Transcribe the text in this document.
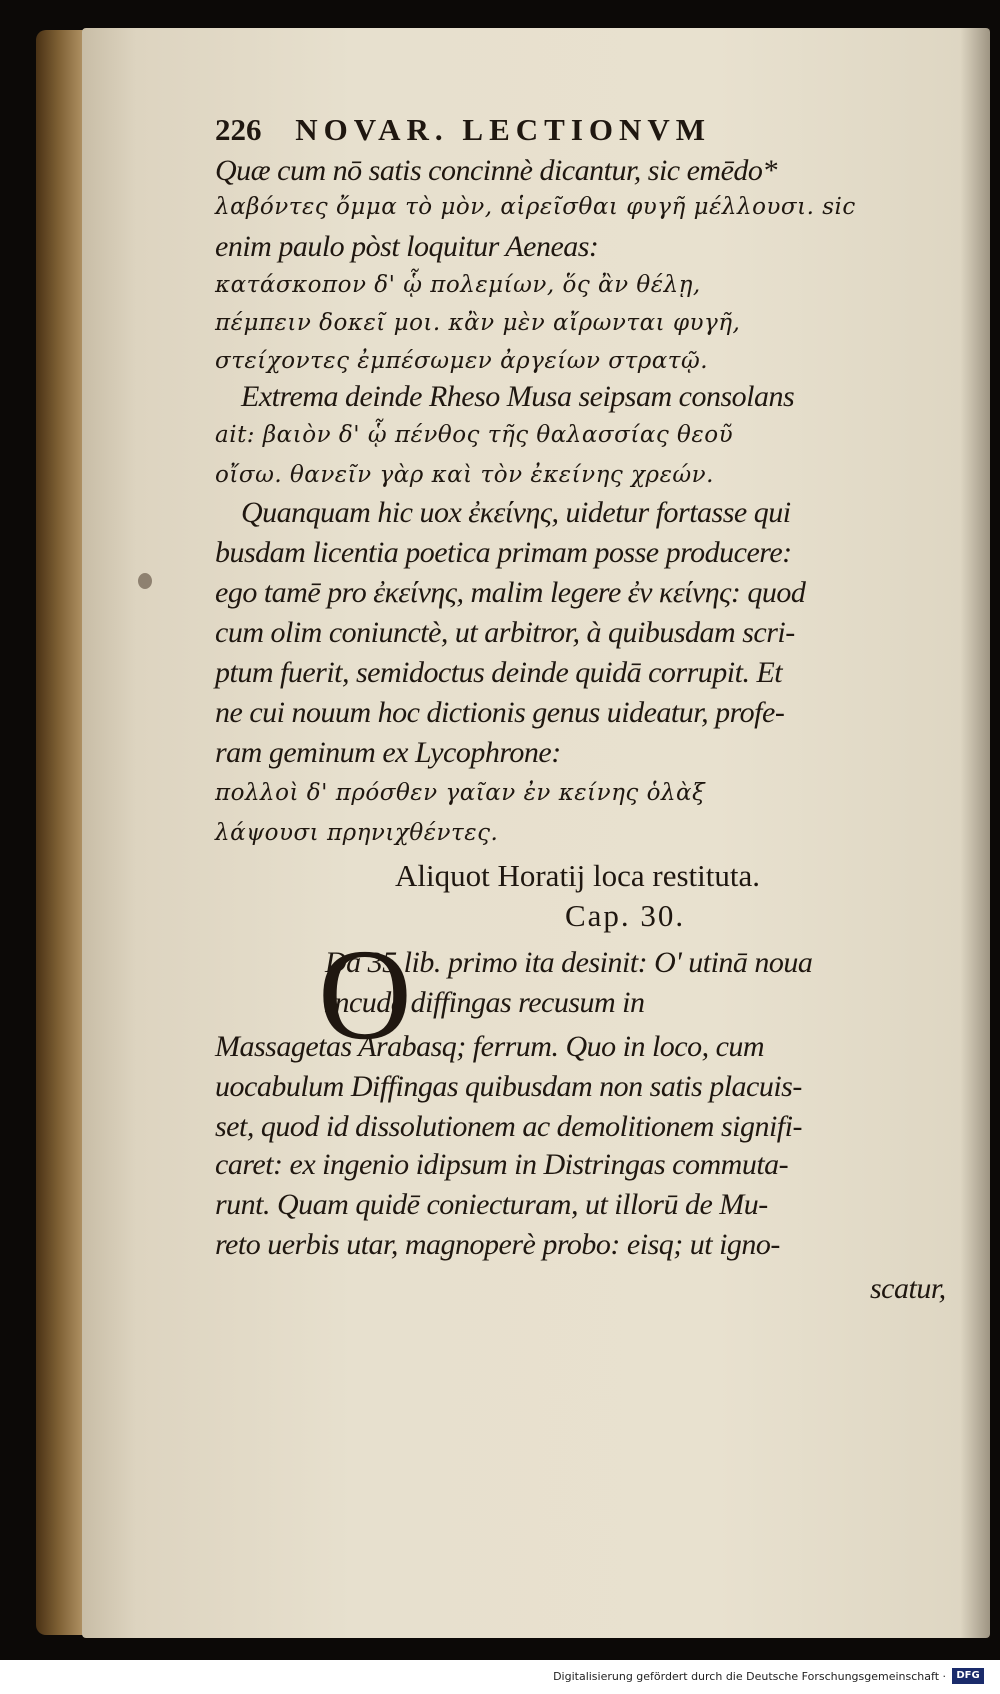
226 NOVAR. LECTIONVM
Quæ cum nō satis concinnè dicantur, sic emēdo*
λαβόντες ὄμμα τὸ μὸν, αἱρεῖσθαι φυγῆ μέλλουσι. sic
enim paulo pòst loquitur Aeneas:
κατάσκοπον δ' ᾧ πολεμίων, ὅς ἂν θέλῃ,
πέμπειν δοκεῖ μοι. κἂν μὲν αἴρωνται φυγῆ,
στείχοντες ἐμπέσωμεν ἀργείων στρατῷ.
Extrema deinde Rheso Musa seipsam consolans
ait: βαιὸν δ' ᾧ πένθος τῆς θαλασσίας θεοῦ
οἴσω. θανεῖν γὰρ καὶ τὸν ἐκείνης χρεών.
Quanquam hic uox ἐκείνης, uidetur fortasse qui
busdam licentia poetica primam posse producere:
ego tamē pro ἐκείνης, malim legere ἐν κείνης: quod
cum olim coniunctè, ut arbitror, à quibusdam scri-
ptum fuerit, semidoctus deinde quidā corrupit. Et
ne cui nouum hoc dictionis genus uideatur, profe-
ram geminum ex Lycophrone:
πολλοὶ δ' πρόσθεν γαῖαν ἐν κείνης ὁλὰξ
λάψουσι πρηνιχθέντες.
Aliquot Horatij loca restituta.
Cap. 30.
Da 35 lib. primo ita desinit: O' utinā noua
Incude diffingas recusum in
Massagetas Arabasq; ferrum. Quo in loco, cum
uocabulum Diffingas quibusdam non satis placuis-
set, quod id dissolutionem ac demolitionem signifi-
caret: ex ingenio idipsum in Distringas commuta-
runt. Quam quidē coniecturam, ut illorū de Mu-
reto uerbis utar, magnoperè probo: eisq; ut igno-
scatur,
O
Digitalisierung gefördert durch die Deutsche Forschungsgemeinschaft ·	DFG
